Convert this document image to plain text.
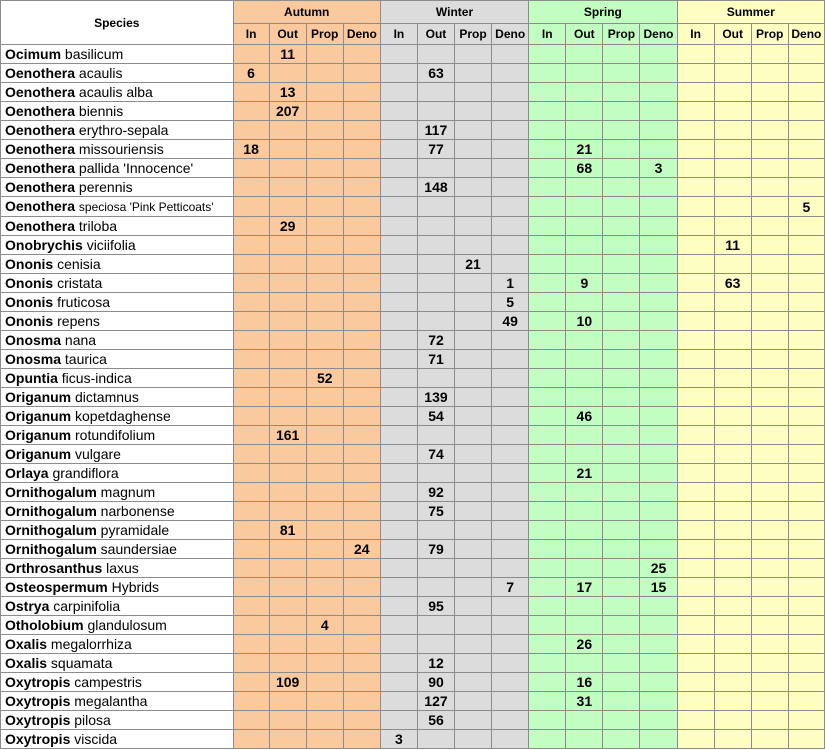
Species	Autumn				Winter				Spring				Summer			
	In	Out	Prop	Deno	In	Out	Prop	Deno	In	Out	Prop	Deno	In	Out	Prop	Deno
Ocimum basilicum		11														
Oenothera acaulis	6					63										
Oenothera acaulis alba		13														
Oenothera biennis		207														
Oenothera erythro-sepala						117										
Oenothera missouriensis	18					77				21						
Oenothera pallida 'Innocence'										68		3				
Oenothera perennis						148										
Oenothera speciosa 'Pink Petticoats'																5
Oenothera triloba		29														
Onobrychis viciifolia														11		
Ononis cenisia							21									
Ononis cristata								1		9				63		
Ononis fruticosa								5								
Ononis repens								49		10						
Onosma nana						72										
Onosma taurica						71										
Opuntia ficus-indica			52													
Origanum dictamnus						139										
Origanum kopetdaghense						54				46						
Origanum rotundifolium		161														
Origanum vulgare						74										
Orlaya grandiflora										21						
Ornithogalum magnum						92										
Ornithogalum narbonense						75										
Ornithogalum pyramidale		81														
Ornithogalum saundersiae				24		79										
Orthrosanthus laxus												25				
Osteospermum Hybrids								7		17		15				
Ostrya carpinifolia						95										
Otholobium glandulosum			4													
Oxalis megalorrhiza										26						
Oxalis squamata						12										
Oxytropis campestris		109				90				16						
Oxytropis megalantha						127				31						
Oxytropis pilosa						56										
Oxytropis viscida					3											
